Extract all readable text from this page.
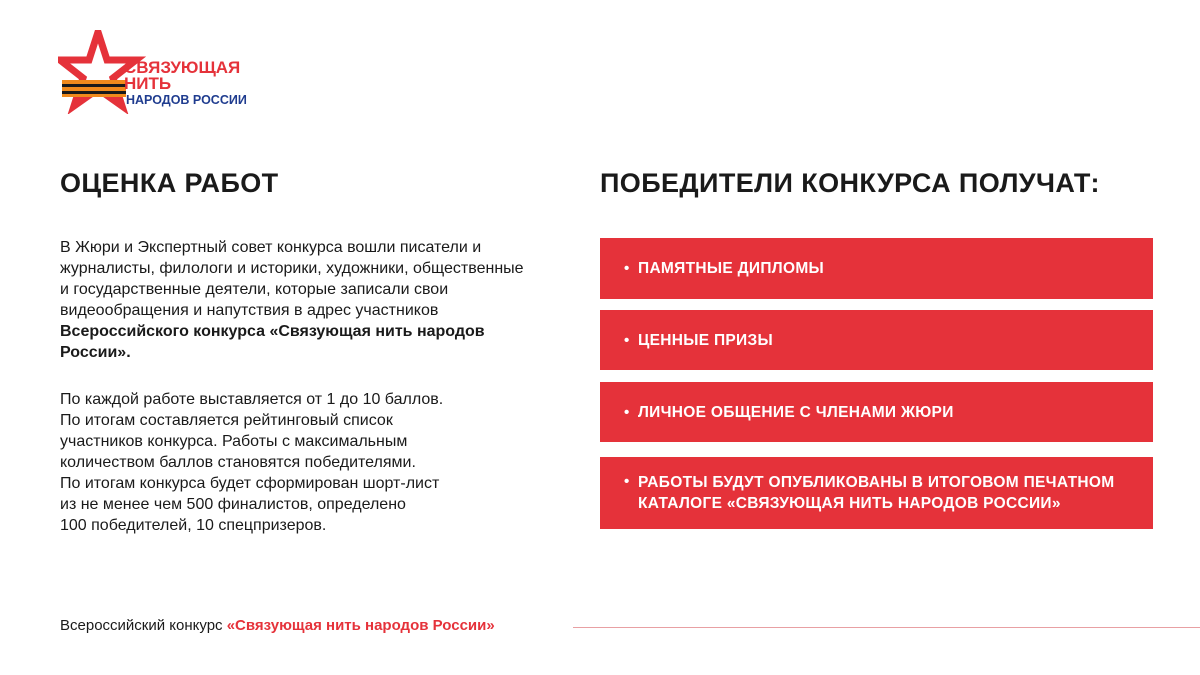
СВЯЗУЮЩАЯ
НИТЬ
НАРОДОВ РОССИИ
ОЦЕНКА РАБОТ

В Жюри и Экспертный совет конкурса вошли писатели и журналисты, филологи и историки, художники, общественные и государственные деятели, которые записали свои видеообращения и напутствия в адрес участников Всероссийского конкурса «Связующая нить народов России».

По каждой работе выставляется от 1 до 10 баллов.
По итогам составляется рейтинговый список
участников конкурса. Работы с максимальным
количеством баллов становятся победителями.
По итогам конкурса будет сформирован шорт-лист
из не менее чем 500 финалистов, определено
100 победителей, 10 спецпризеров.

ПОБЕДИТЕЛИ КОНКУРСА ПОЛУЧАТ:
• ПАМЯТНЫЕ ДИПЛОМЫ
• ЦЕННЫЕ ПРИЗЫ
• ЛИЧНОЕ ОБЩЕНИЕ С ЧЛЕНАМИ ЖЮРИ
• РАБОТЫ БУДУТ ОПУБЛИКОВАНЫ В ИТОГОВОМ ПЕЧАТНОМ КАТАЛОГЕ «СВЯЗУЮЩАЯ НИТЬ НАРОДОВ РОССИИ»
Всероссийский конкурс «Связующая нить народов России»
